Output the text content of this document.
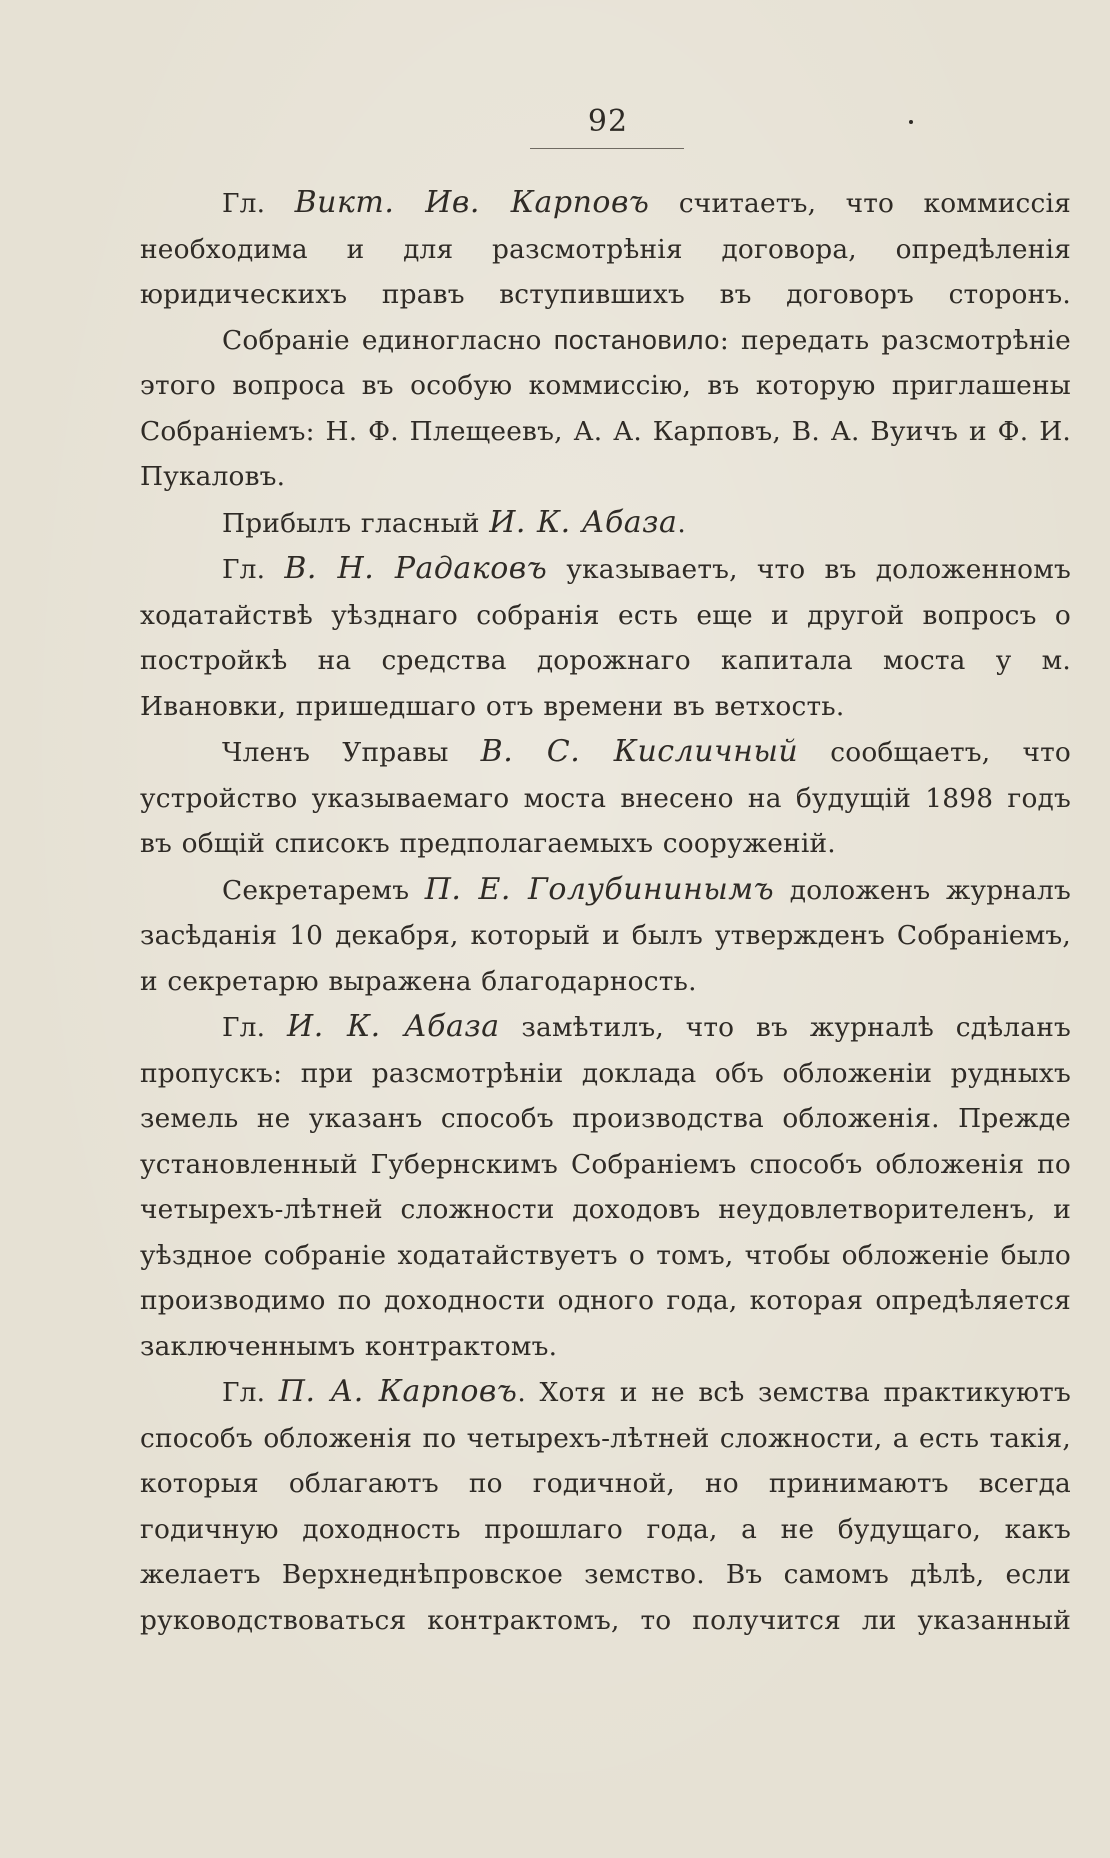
92

Гл. Викт. Ив. Карповъ считаетъ, что коммиссія необходима и для разсмотрѣнія договора, опредѣленія юридическихъ правъ вступившихъ въ договоръ сторонъ.

Собраніе единогласно постановило: передать разсмотрѣніе этого вопроса въ особую коммиссію, въ которую приглашены Собраніемъ: Н. Ф. Плещеевъ, А. А. Карповъ, В. А. Вуичъ и Ф. И. Пукаловъ.

Прибылъ гласный И. К. Абаза.

Гл. В. Н. Радаковъ указываетъ, что въ доложенномъ ходатайствѣ уѣзднаго собранія есть еще и другой вопросъ о постройкѣ на средства дорожнаго капитала моста у м. Ивановки, пришедшаго отъ времени въ ветхость.

Членъ Управы В. С. Кисличный сообщаетъ, что устройство указываемаго моста внесено на будущій 1898 годъ въ общій списокъ предполагаемыхъ сооруженій.

Секретаремъ П. Е. Голубининымъ доложенъ журналъ засѣданія 10 декабря, который и былъ утвержденъ Собраніемъ, и секретарю выражена благодарность.

Гл. И. К. Абаза замѣтилъ, что въ журналѣ сдѣланъ пропускъ: при разсмотрѣніи доклада объ обложеніи рудныхъ земель не указанъ способъ производства обложенія. Прежде установленный Губернскимъ Собраніемъ способъ обложенія по четырехъ-лѣтней сложности доходовъ неудовлетворителенъ, и уѣздное собраніе ходатайствуетъ о томъ, чтобы обложеніе было производимо по доходности одного года, которая опредѣляется заключеннымъ контрактомъ.

Гл. П. А. Карповъ. Хотя и не всѣ земства практикуютъ способъ обложенія по четырехъ-лѣтней сложности, а есть такія, которыя облагаютъ по годичной, но принимаютъ всегда годичную доходность прошлаго года, а не будущаго, какъ желаетъ Верхнеднѣпровское земство. Въ самомъ дѣлѣ, если руководствоваться контрактомъ, то получится ли указанный
